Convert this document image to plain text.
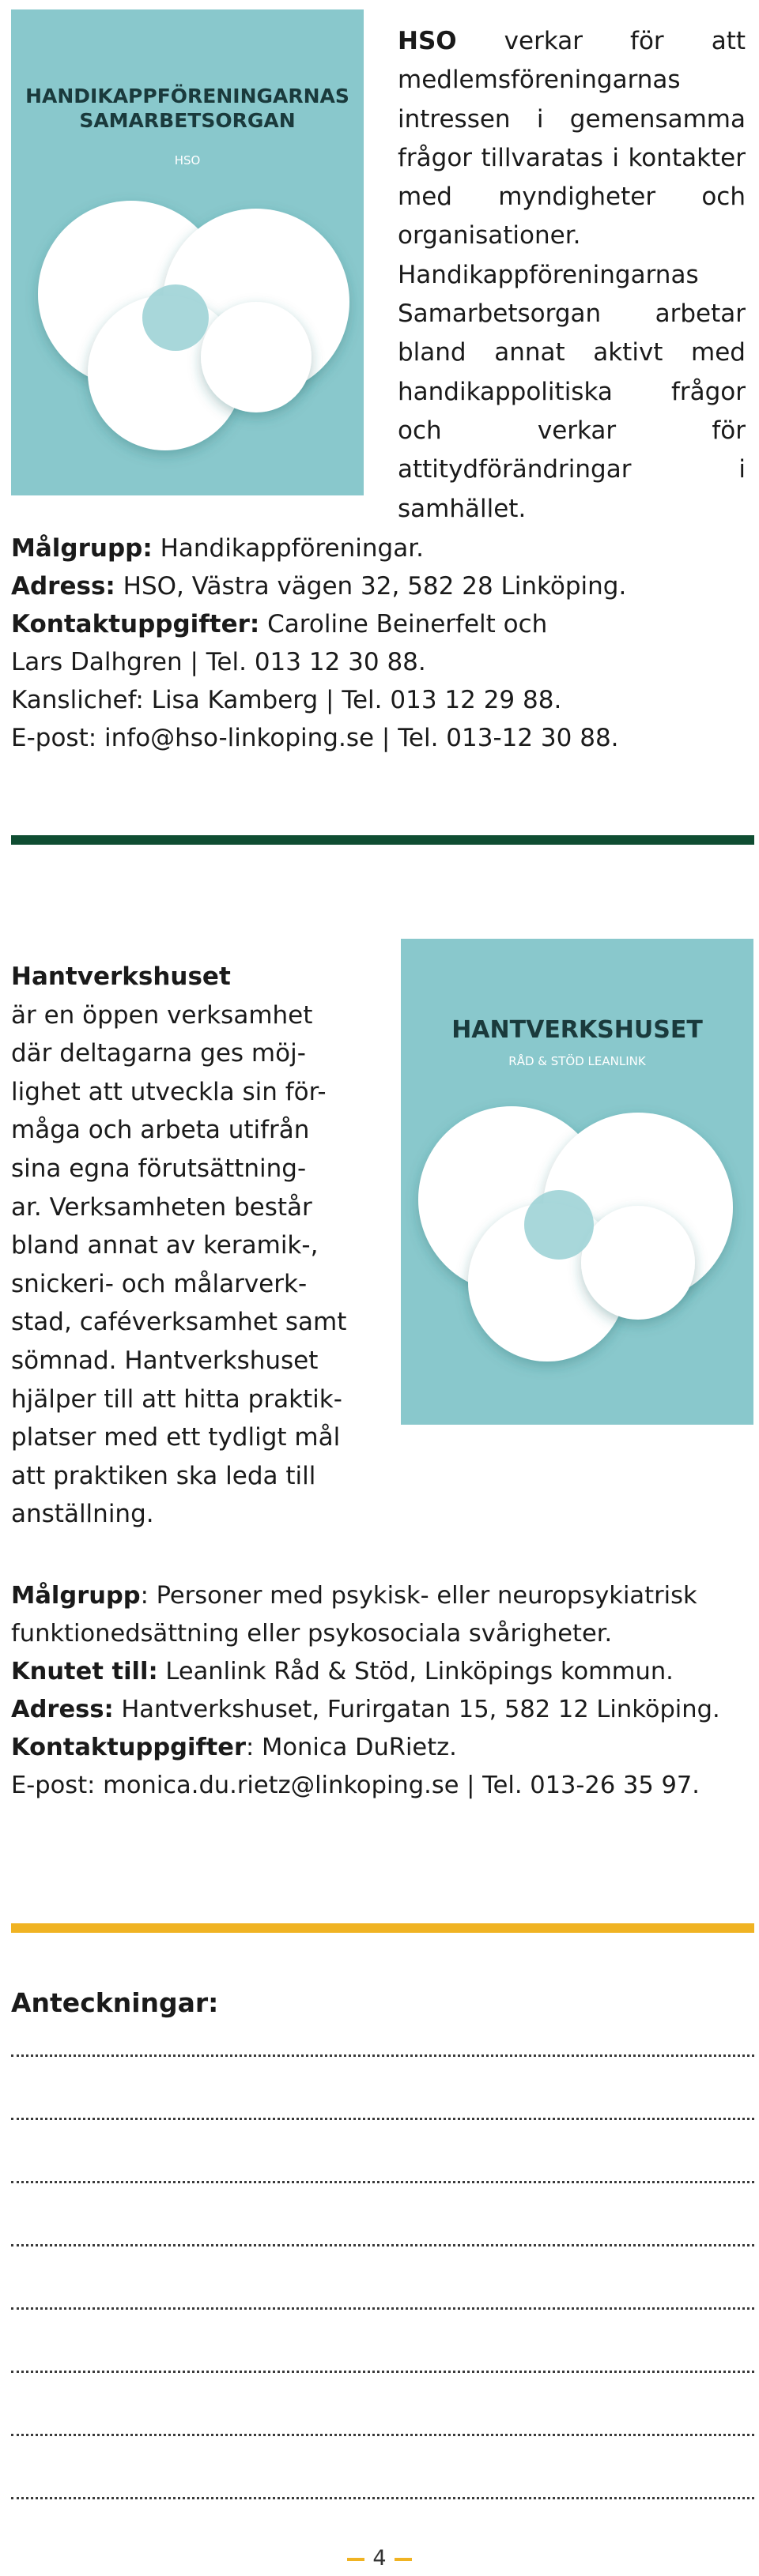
HANDIKAPPFÖRENINGARNAS
SAMARBETSORGAN
HSO
HSO verkar för att medlemsföreningarnas intressen i gemensamma frågor tillvaratas i kontakter med myndigheter och organisationer. Handikappföreningarnas Samarbetsorgan arbetar bland annat aktivt med handikappolitiska frågor och verkar för attitydförändringar i samhället.
Målgrupp: Handikappföreningar.
Adress: HSO, Västra vägen 32, 582 28 Linköping.
Kontaktuppgifter: Caroline Beinerfelt och
Lars Dalhgren | Tel. 013 12 30 88.
Kanslichef: Lisa Kamberg | Tel. 013 12 29 88.
E-post: info@hso-linkoping.se | Tel. 013-12 30 88.
Hantverkshuset
är en öppen verksamhet
där deltagarna ges möj-
lighet att utveckla sin för-
måga och arbeta utifrån
sina egna förutsättning-
ar. Verksamheten består
bland annat av keramik-,
snickeri- och målarverk-
stad, caféverksamhet samt
sömnad. Hantverkshuset
hjälper till att hitta praktik-
platser med ett tydligt mål
att praktiken ska leda till
anställning.
HANTVERKSHUSET
RÅD & STÖD LEANLINK
Målgrupp: Personer med psykisk- eller neuropsykiatrisk
funktionedsättning eller psykosociala svårigheter.
Knutet till: Leanlink Råd & Stöd, Linköpings kommun.
Adress: Hantverkshuset, Furirgatan 15, 582 12 Linköping.
Kontaktuppgifter: Monica DuRietz.
E-post: monica.du.rietz@linkoping.se | Tel. 013-26 35 97.
Anteckningar:
4
